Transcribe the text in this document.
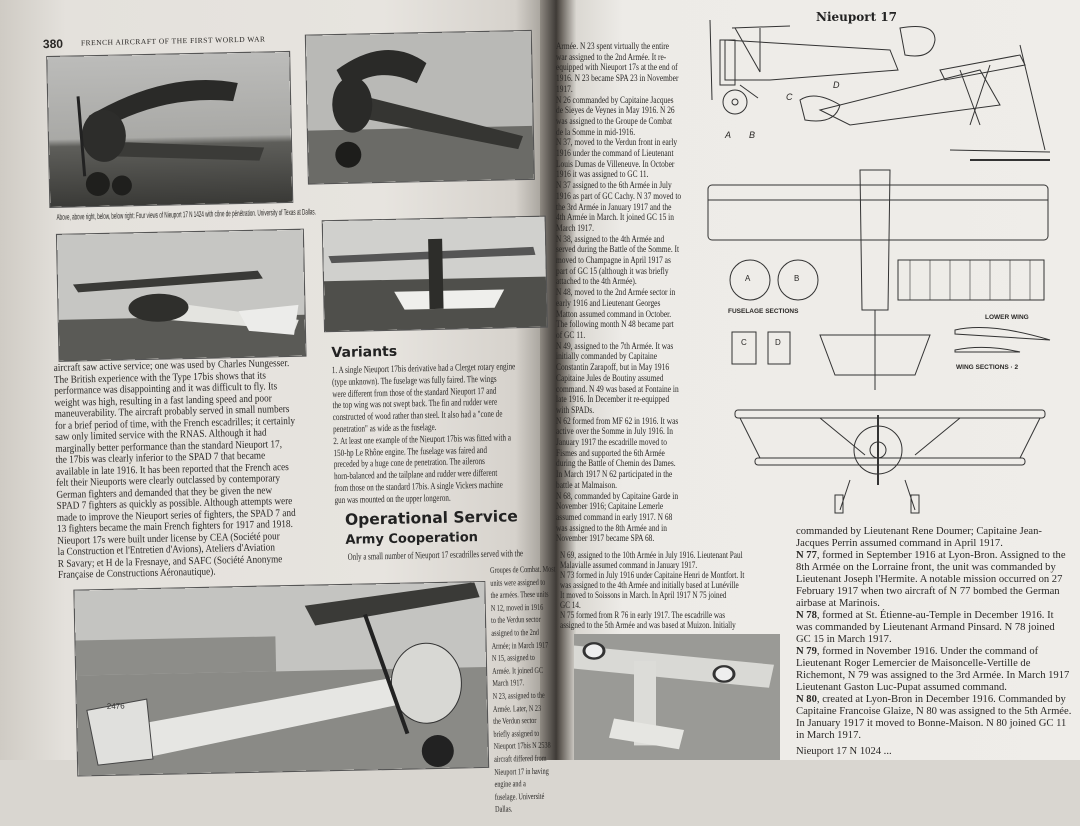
380 FRENCH AIRCRAFT OF THE FIRST WORLD WAR
Above, above right, below, below right: Four views of Nieuport 17 N 1424 with cône de pénétration. University of Texas at Dallas.
aircraft saw active service; one was used by Charles Nungesser.
The British experience with the Type 17bis shows that its
performance was disappointing and it was difficult to fly. Its
weight was high, resulting in a fast landing speed and poor
maneuverability. The aircraft probably served in small numbers
for a brief period of time, with the French escadrilles; it certainly
saw only limited service with the RNAS. Although it had
marginally better performance than the standard Nieuport 17,
the 17bis was clearly inferior to the SPAD 7 that became
available in late 1916. It has been reported that the French aces
felt their Nieuports were clearly outclassed by contemporary
German fighters and demanded that they be given the new
SPAD 7 fighters as quickly as possible. Although attempts were
made to improve the Nieuport series of fighters, the SPAD 7 and
13 fighters became the main French fighters for 1917 and 1918.
Nieuport 17s were built under license by CEA (Société pour
la Construction et l'Entretien d'Avions), Ateliers d'Aviation
R Savary; et H de la Fresnaye, and SAFC (Société Anonyme
Française de Constructions Aéronautique).
Variants
1. A single Nieuport 17bis derivative had a Clerget rotary engine
(type unknown). The fuselage was fully faired. The wings
were different from those of the standard Nieuport 17 and
the top wing was not swept back. The fin and rudder were
constructed of wood rather than steel. It also had a "cone de
penetration" as wide as the fuselage.
2. At least one example of the Nieuport 17bis was fitted with a
150-hp Le Rhône engine. The fuselage was faired and
preceded by a huge cone de penetration. The ailerons
horn-balanced and the tailplane and rudder were different
from those on the standard 17bis. A single Vickers machine
gun was mounted on the upper longeron.
Operational Service
Army Cooperation
Only a small number of Nieuport 17 escadrilles served with the
Groupes de Combat. Most
units were assigned to
the armées. These units
N 12, moved in 1916
to the Verdun sector
assigned to the 2nd
Armée; in March 1917
N 15, assigned to
Armée. It joined GC
March 1917.
N 23, assigned to the
Armée. Later, N 23
the Verdun sector
briefly assigned to
Nieuport 17bis N 2538
aircraft differed from
Nieuport 17 in having
engine and a
fuselage. Université
Dallas.
2476
Armée. N 23 spent virtually the entire
war assigned to the 2nd Armée. It re-
equipped with Nieuport 17s at the end of
1916. N 23 became SPA 23 in November
1917.
N 26 commanded by Capitaine Jacques
de Sieyes de Veynes in May 1916. N 26
was assigned to the Groupe de Combat
de la Somme in mid-1916.
N 37, moved to the Verdun front in early
1916 under the command of Lieutenant
Louis Dumas de Villeneuve. In October
1916 it was assigned to GC 11.
N 37 assigned to the 6th Armée in July
1916 as part of GC Cachy. N 37 moved to
the 3rd Armée in January 1917 and the
4th Armée in March. It joined GC 15 in
March 1917.
N 38, assigned to the 4th Armée and
served during the Battle of the Somme. It
moved to Champagne in April 1917 as
part of GC 15 (although it was briefly
attached to the 4th Armée).
N 48, moved to the 2nd Armée sector in
early 1916 and Lieutenant Georges
Matton assumed command in October.
The following month N 48 became part
of GC 11.
N 49, assigned to the 7th Armée. It was
initially commanded by Capitaine
Constantin Zarapoff, but in May 1916
Capitaine Jules de Boutiny assumed
command. N 49 was based at Fontaine in
late 1916. In December it re-equipped
with SPADs.
N 62 formed from MF 62 in 1916. It was
active over the Somme in July 1916. In
January 1917 the escadrille moved to
Fismes and supported the 6th Armée
during the Battle of Chemin des Dames.
In March 1917 N 62 participated in the
battle at Malmaison.
N 68, commanded by Capitaine Garde in
November 1916; Capitaine Lemerle
assumed command in early 1917. N 68
was assigned to the 8th Armée and in
November 1917 became SPA 68.
N 69, assigned to the 10th Armée in July 1916. Lieutenant Paul
Malavialle assumed command in January 1917.
N 73 formed in July 1916 under Capitaine Henri de Montfort. It
was assigned to the 4th Armée and initially based at Lunéville
It moved to Soissons in March. In April 1917 N 75 joined
GC 14.
N 75 formed from R 76 in early 1917. The escadrille was
assigned to the 5th Armée and was based at Muizon. Initially
Nieuport 17
A B
C
D
A	B
C	D
FUSELAGE SECTIONS
LOWER WING
WING SECTIONS · 2
commanded by Lieutenant Rene Doumer; Capitaine Jean-
Jacques Perrin assumed command in April 1917.
N 77, formed in September 1916 at Lyon-Bron. Assigned to the
8th Armée on the Lorraine front, the unit was commanded by
Lieutenant Joseph l'Hermite. A notable mission occurred on 27
February 1917 when two aircraft of N 77 bombed the German
airbase at Marinois.
N 78, formed at St. Étienne-au-Temple in December 1916. It
was commanded by Lieutenant Armand Pinsard. N 78 joined
GC 15 in March 1917.
N 79, formed in November 1916. Under the command of
Lieutenant Roger Lemercier de Maisoncelle-Vertille de
Richemont, N 79 was assigned to the 3rd Armée. In March 1917
Lieutenant Gaston Luc-Pupat assumed command.
N 80, created at Lyon-Bron in December 1916. Commanded by
Capitaine Francoise Glaize, N 80 was assigned to the 5th Armée.
In January 1917 it moved to Bonne-Maison. N 80 joined GC 11
in March 1917.
Nieuport 17 N 1024 ...
